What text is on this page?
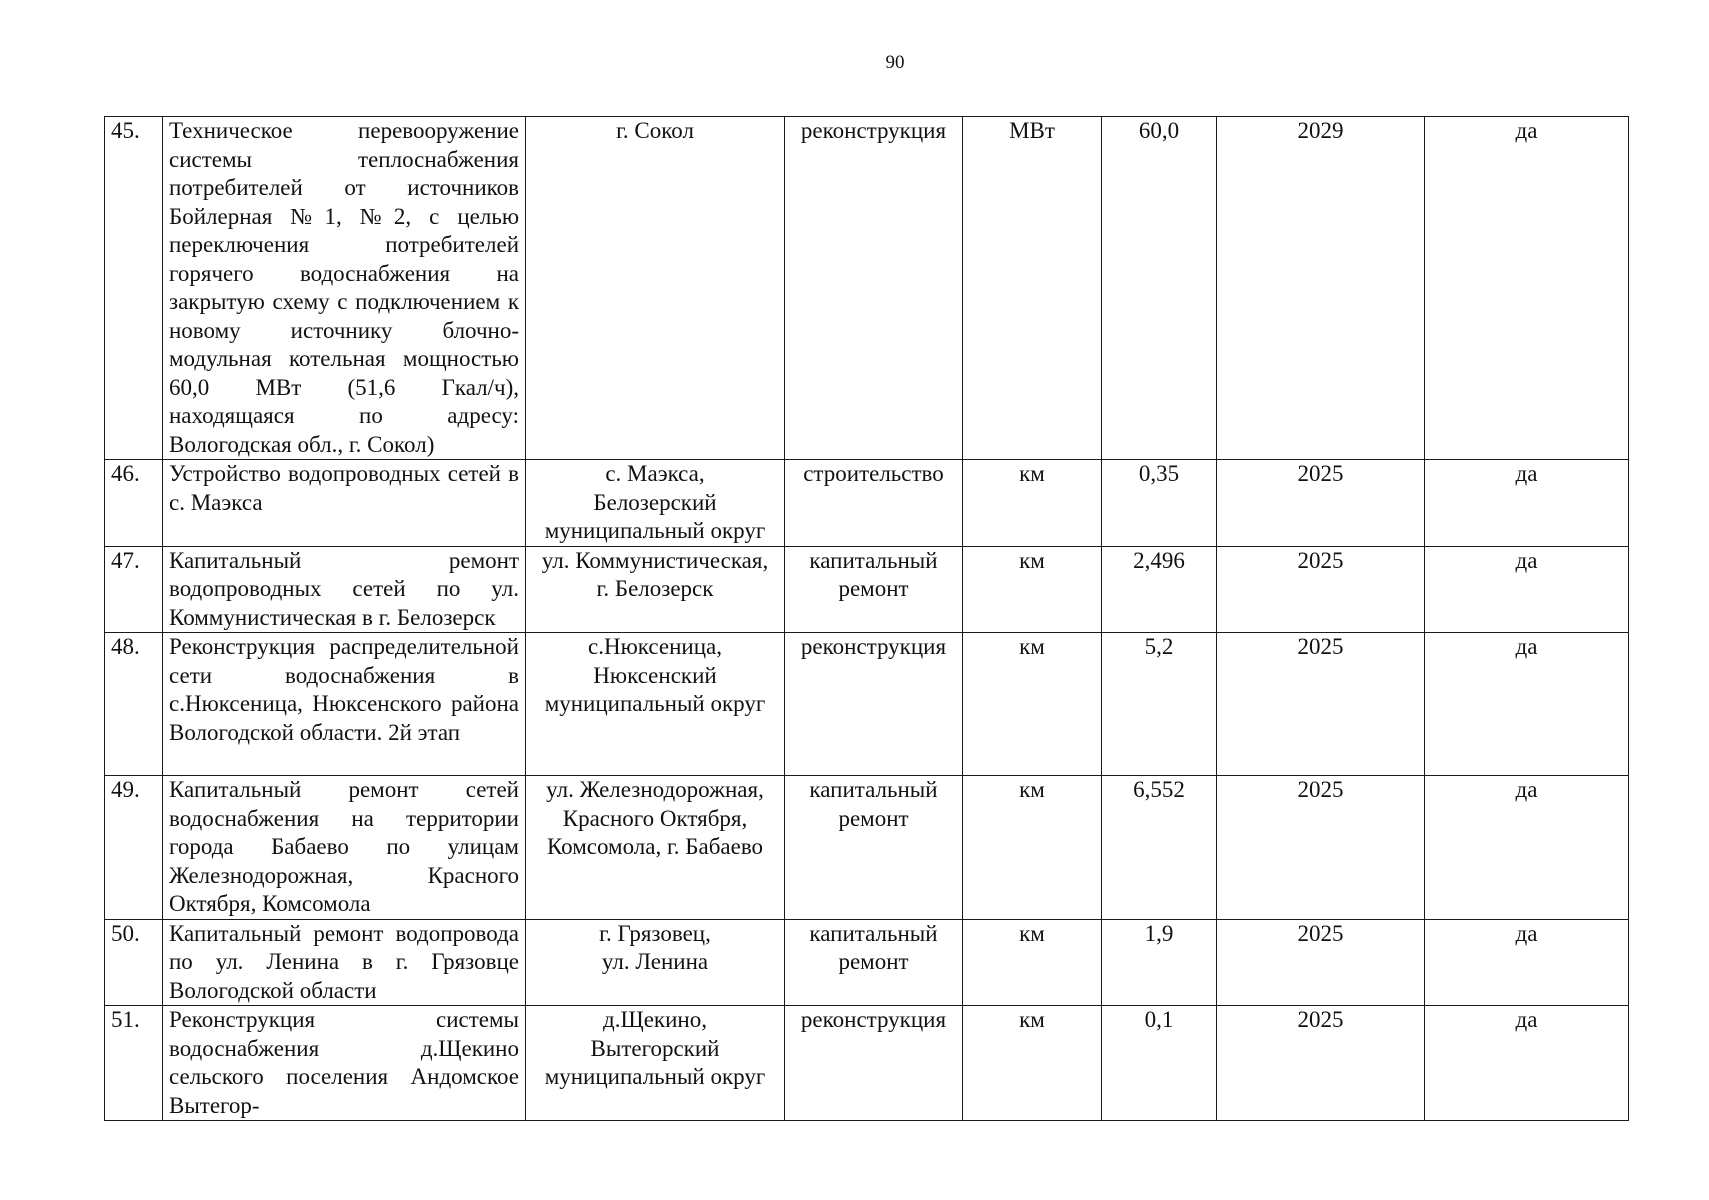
90
45.	Техническое перевооружение системы теплоснабжения потребителей от источников Бойлерная №1, №2, с целью переключения потребителей горячего водоснабжения на закрытую схему с подключением к новому источнику блочно-модульная котельная мощностью 60,0 МВт (51,6 Гкал/ч), находящаяся по адресу: Вологодская обл., г. Сокол)	г. Сокол	реконструкция	МВт	60,0	2029	да
46.	Устройство водопроводных сетей в с. Маэкса	с. Маэкса,
Белозерский муниципальный округ	строительство	км	0,35	2025	да
47.	Капитальный ремонт водопроводных сетей по ул. Коммунистическая в г. Белозерск	ул. Коммунистическая,
г. Белозерск	капитальный
ремонт	км	2,496	2025	да
48.	Реконструкция распределительной сети водоснабжения в с.Нюксеница, Нюксенского района Вологодской области. 2й этап	с.Нюксеница,
Нюксенский муниципальный округ	реконструкция	км	5,2	2025	да
49.	Капитальный ремонт сетей водоснабжения на территории города Бабаево по улицам Железнодорожная, Красного Октября, Комсомола	ул. Железнодорожная,
Красного Октября,
Комсомола, г. Бабаево	капитальный
ремонт	км	6,552	2025	да
50.	Капитальный ремонт водопровода по ул. Ленина в г. Грязовце Вологодской области	г. Грязовец,
ул. Ленина	капитальный
ремонт	км	1,9	2025	да
51.	Реконструкция системы водоснабжения д.Щекино сельского поселения Андомское Вытегор-	д.Щекино,
Вытегорский муниципальный округ	реконструкция	км	0,1	2025	да
